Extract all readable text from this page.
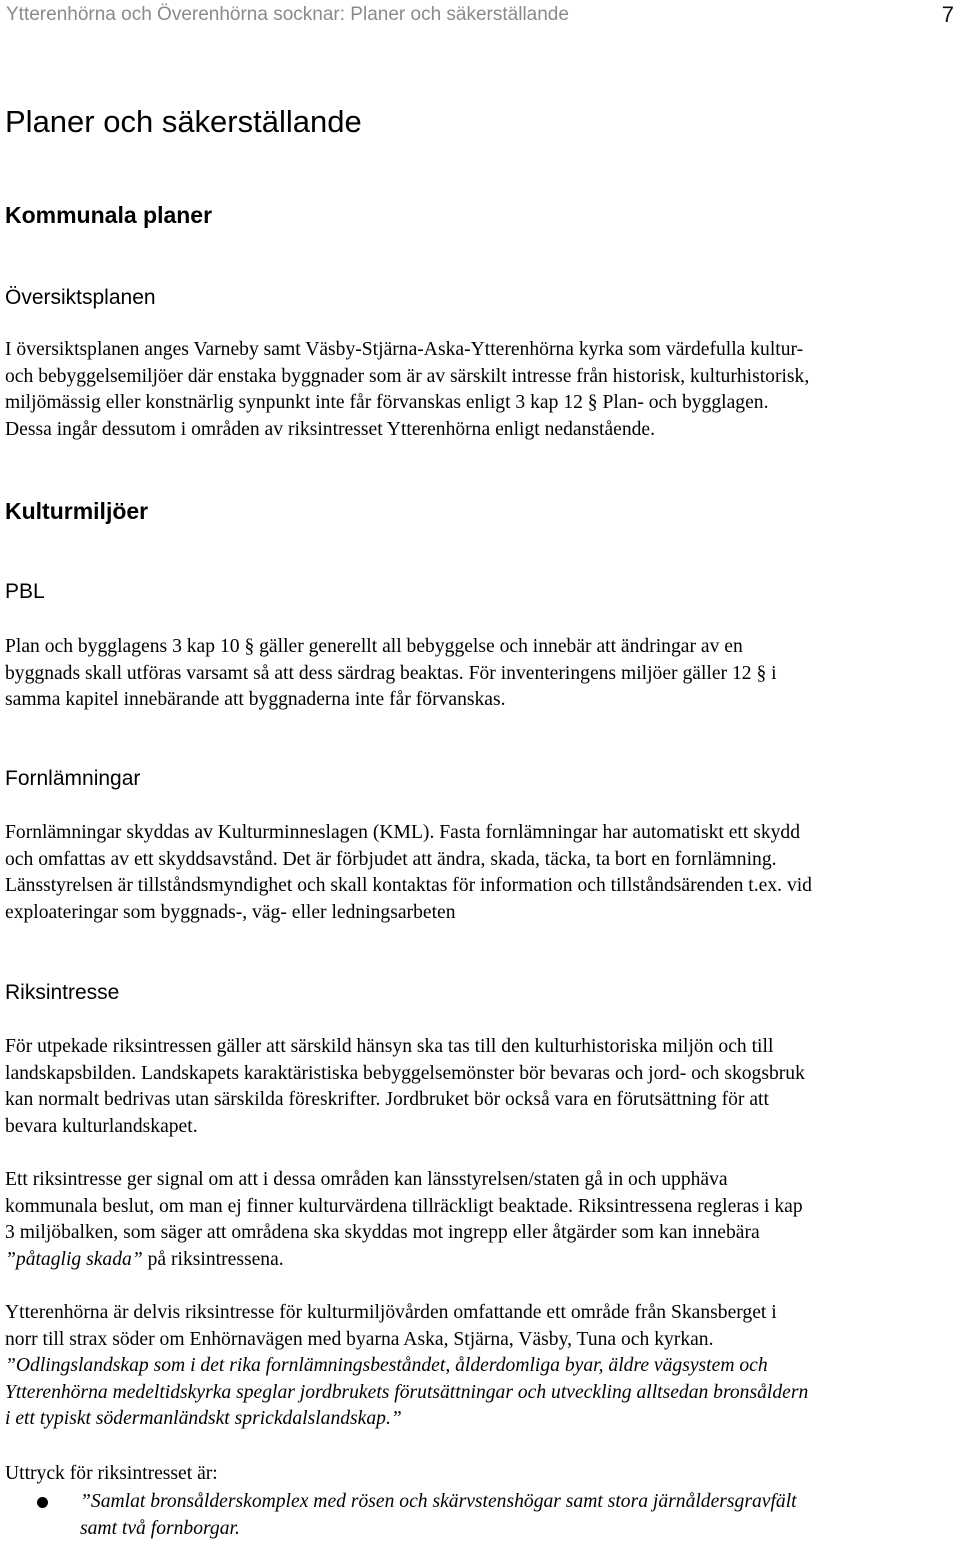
Ytterenhörna och Överenhörna socknar: Planer och säkerställande	7
Planer och säkerställande
Kommunala planer
Översiktsplanen

I översiktsplanen anges Varneby samt Väsby-Stjärna-Aska-Ytterenhörna kyrka som värdefulla kultur-
och bebyggelsemiljöer där enstaka byggnader som är av särskilt intresse från historisk, kulturhistorisk,
miljömässig eller konstnärlig synpunkt inte får förvanskas enligt 3 kap 12 § Plan- och bygglagen.
Dessa ingår dessutom i områden av riksintresset Ytterenhörna enligt nedanstående.

Kulturmiljöer
PBL

Plan och bygglagens 3 kap 10 § gäller generellt all bebyggelse och innebär att ändringar av en
byggnads skall utföras varsamt så att dess särdrag beaktas. För inventeringens miljöer gäller 12 § i
samma kapitel innebärande att byggnaderna inte får förvanskas.

Fornlämningar

Fornlämningar skyddas av Kulturminneslagen (KML). Fasta fornlämningar har automatiskt ett skydd
och omfattas av ett skyddsavstånd. Det är förbjudet att ändra, skada, täcka, ta bort en fornlämning.
Länsstyrelsen är tillståndsmyndighet och skall kontaktas för information och tillståndsärenden t.ex. vid
exploateringar som byggnads-, väg- eller ledningsarbeten

Riksintresse

För utpekade riksintressen gäller att särskild hänsyn ska tas till den kulturhistoriska miljön och till
landskapsbilden. Landskapets karaktäristiska bebyggelsemönster bör bevaras och jord- och skogsbruk
kan normalt bedrivas utan särskilda föreskrifter. Jordbruket bör också vara en förutsättning för att
bevara kulturlandskapet.

Ett riksintresse ger signal om att i dessa områden kan länsstyrelsen/staten gå in och upphäva
kommunala beslut, om man ej finner kulturvärdena tillräckligt beaktade. Riksintressena regleras i kap
3 miljöbalken, som säger att områdena ska skyddas mot ingrepp eller åtgärder som kan innebära
”påtaglig skada” på riksintressena.

Ytterenhörna är delvis riksintresse för kulturmiljövården omfattande ett område från Skansberget i
norr till strax söder om Enhörnavägen med byarna Aska, Stjärna, Väsby, Tuna och kyrkan.
”Odlingslandskap som i det rika fornlämningsbeståndet, ålderdomliga byar, äldre vägsystem och
Ytterenhörna medeltidskyrka speglar jordbrukets förutsättningar och utveckling alltsedan bronsåldern
i ett typiskt södermanländskt sprickdalslandskap.”

Uttryck för riksintresset är:

”Samlat bronsålderskomplex med rösen och skärvstenshögar samt stora järnåldersgravfält
samt två fornborgar.
